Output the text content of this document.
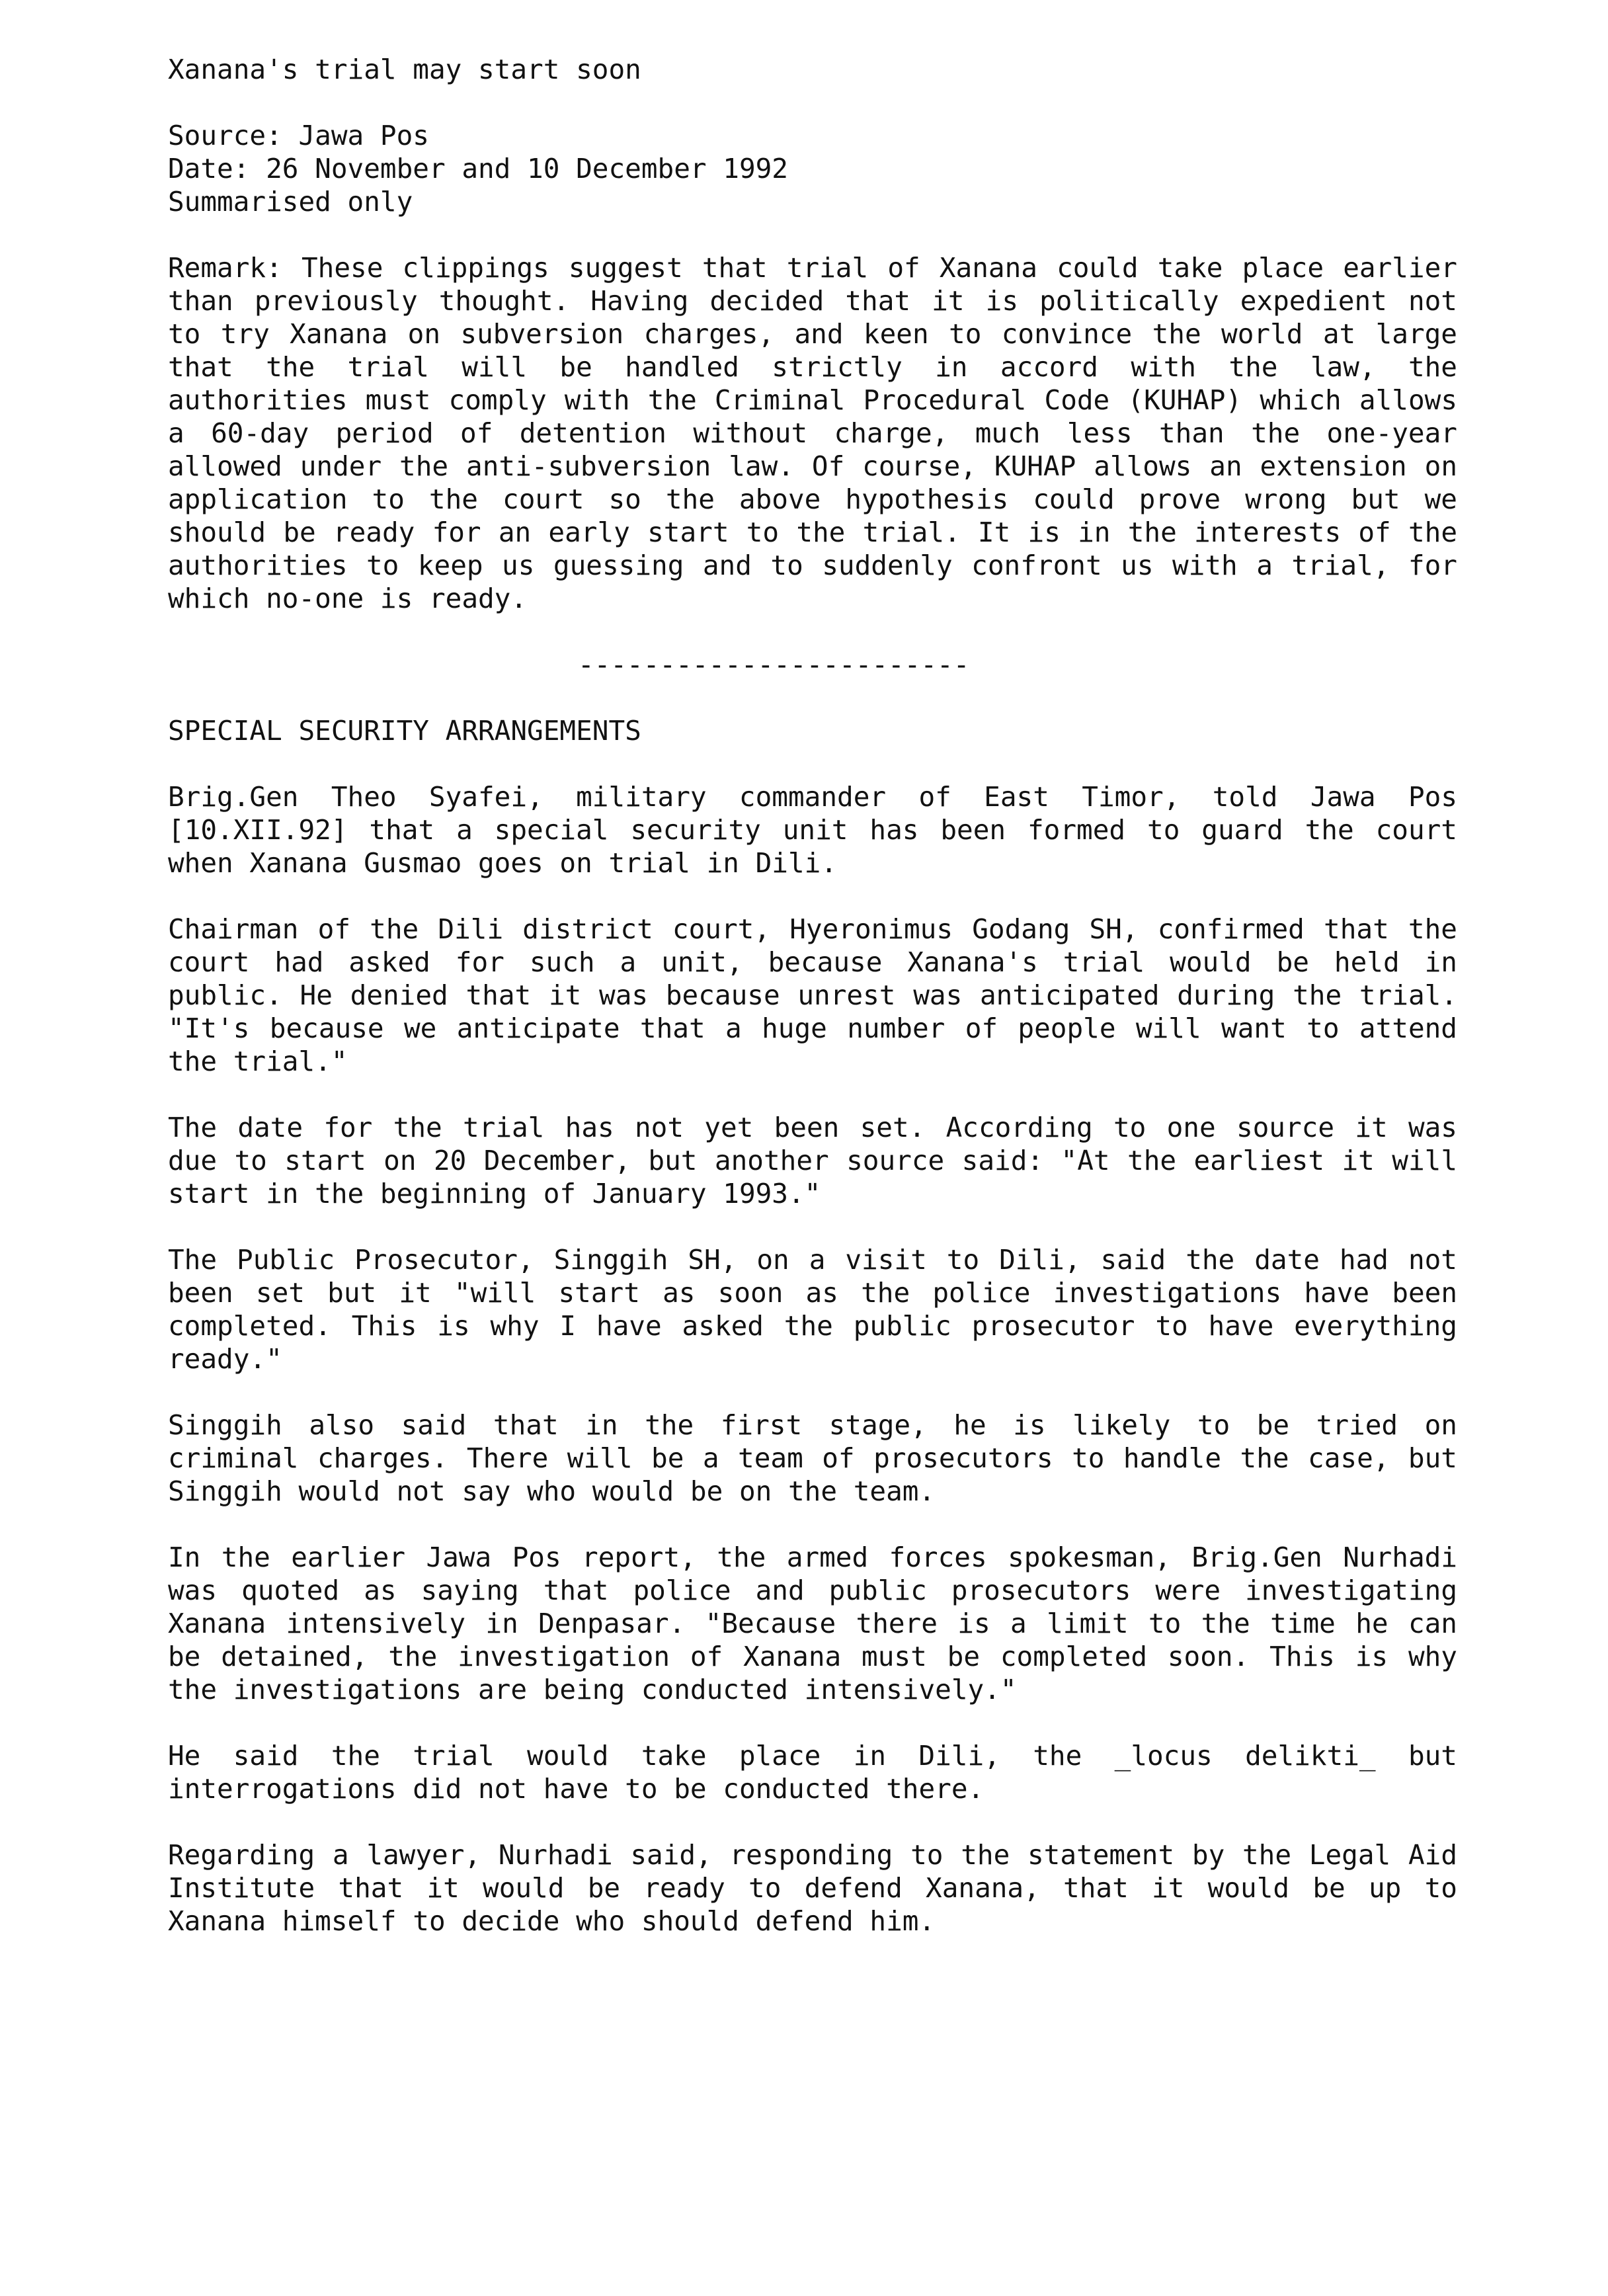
Xanana's trial may start soon
Source: Jawa Pos
Date: 26 November and 10 December 1992
Summarised only
Remark: These clippings suggest that trial of Xanana could take place earlier than previously thought. Having decided that it is politically expedient not to try Xanana on subversion charges, and keen to convince the world at large that the trial will be handled strictly in accord with the law, the authorities must comply with the Criminal Procedural Code (KUHAP) which allows a 60-day period of detention without charge, much less than the one-year allowed under the anti-subversion law. Of course, KUHAP allows an extension on application to the court so the above hypothesis could prove wrong but we should be ready for an early start to the trial. It is in the interests of the authorities to keep us guessing and to suddenly confront us with a trial, for which no-one is ready.
------------------------
SPECIAL SECURITY ARRANGEMENTS
Brig.Gen Theo Syafei, military commander of East Timor, told Jawa Pos [10.XII.92] that a special security unit has been formed to guard the court when Xanana Gusmao goes on trial in Dili.
Chairman of the Dili district court, Hyeronimus Godang SH, confirmed that the court had asked for such a unit, because Xanana's trial would be held in public. He denied that it was because unrest was anticipated during the trial. "It's because we anticipate that a huge number of people will want to attend the trial."
The date for the trial has not yet been set. According to one source it was due to start on 20 December, but another source said: "At the earliest it will start in the beginning of January 1993."
The Public Prosecutor, Singgih SH, on a visit to Dili, said the date had not been set but it "will start as soon as the police investigations have been completed. This is why I have asked the public prosecutor to have everything ready."
Singgih also said that in the first stage, he is likely to be tried on criminal charges. There will be a team of prosecutors to handle the case, but Singgih would not say who would be on the team.
In the earlier Jawa Pos report, the armed forces spokesman, Brig.Gen Nurhadi was quoted as saying that police and public prosecutors were investigating Xanana intensively in Denpasar. "Because there is a limit to the time he can be detained, the investigation of Xanana must be completed soon. This is why the investigations are being conducted intensively."
He said the trial would take place in Dili, the _locus delikti_ but interrogations did not have to be conducted there.
Regarding a lawyer, Nurhadi said, responding to the statement by the Legal Aid Institute that it would be ready to defend Xanana, that it would be up to Xanana himself to decide who should defend him.
